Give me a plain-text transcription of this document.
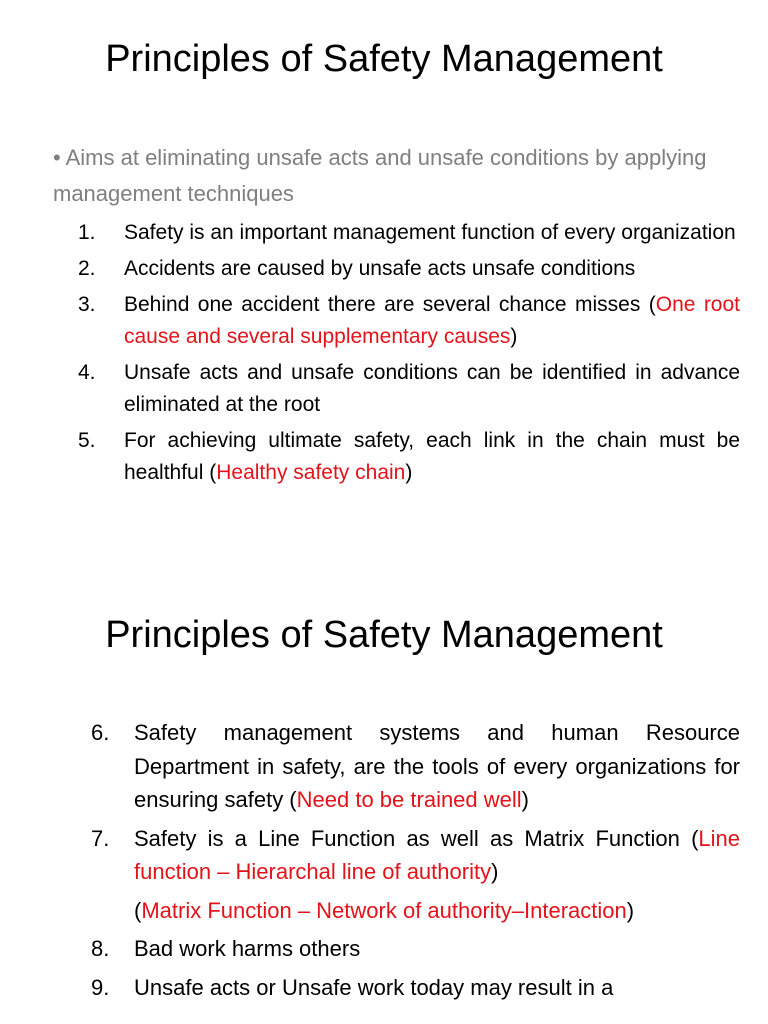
Principles of Safety Management
• Aims at eliminating unsafe acts and unsafe conditions by applying management techniques
1. Safety is an important management function of every organization
2. Accidents are caused by unsafe acts unsafe conditions
3. Behind one accident there are several chance misses (One root cause and several supplementary causes)
4. Unsafe acts and unsafe conditions can be identified in advance eliminated at the root
5. For achieving ultimate safety, each link in the chain must be healthful (Healthy safety chain)
Principles of Safety Management
6. Safety management systems and human Resource Department in safety, are the tools of every organizations for ensuring safety (Need to be trained well)
7. Safety is a Line Function as well as Matrix Function (Line function – Hierarchal line of authority)
(Matrix Function – Network of authority–Interaction)
8. Bad work harms others
9. Unsafe acts or Unsafe work today may result in a
